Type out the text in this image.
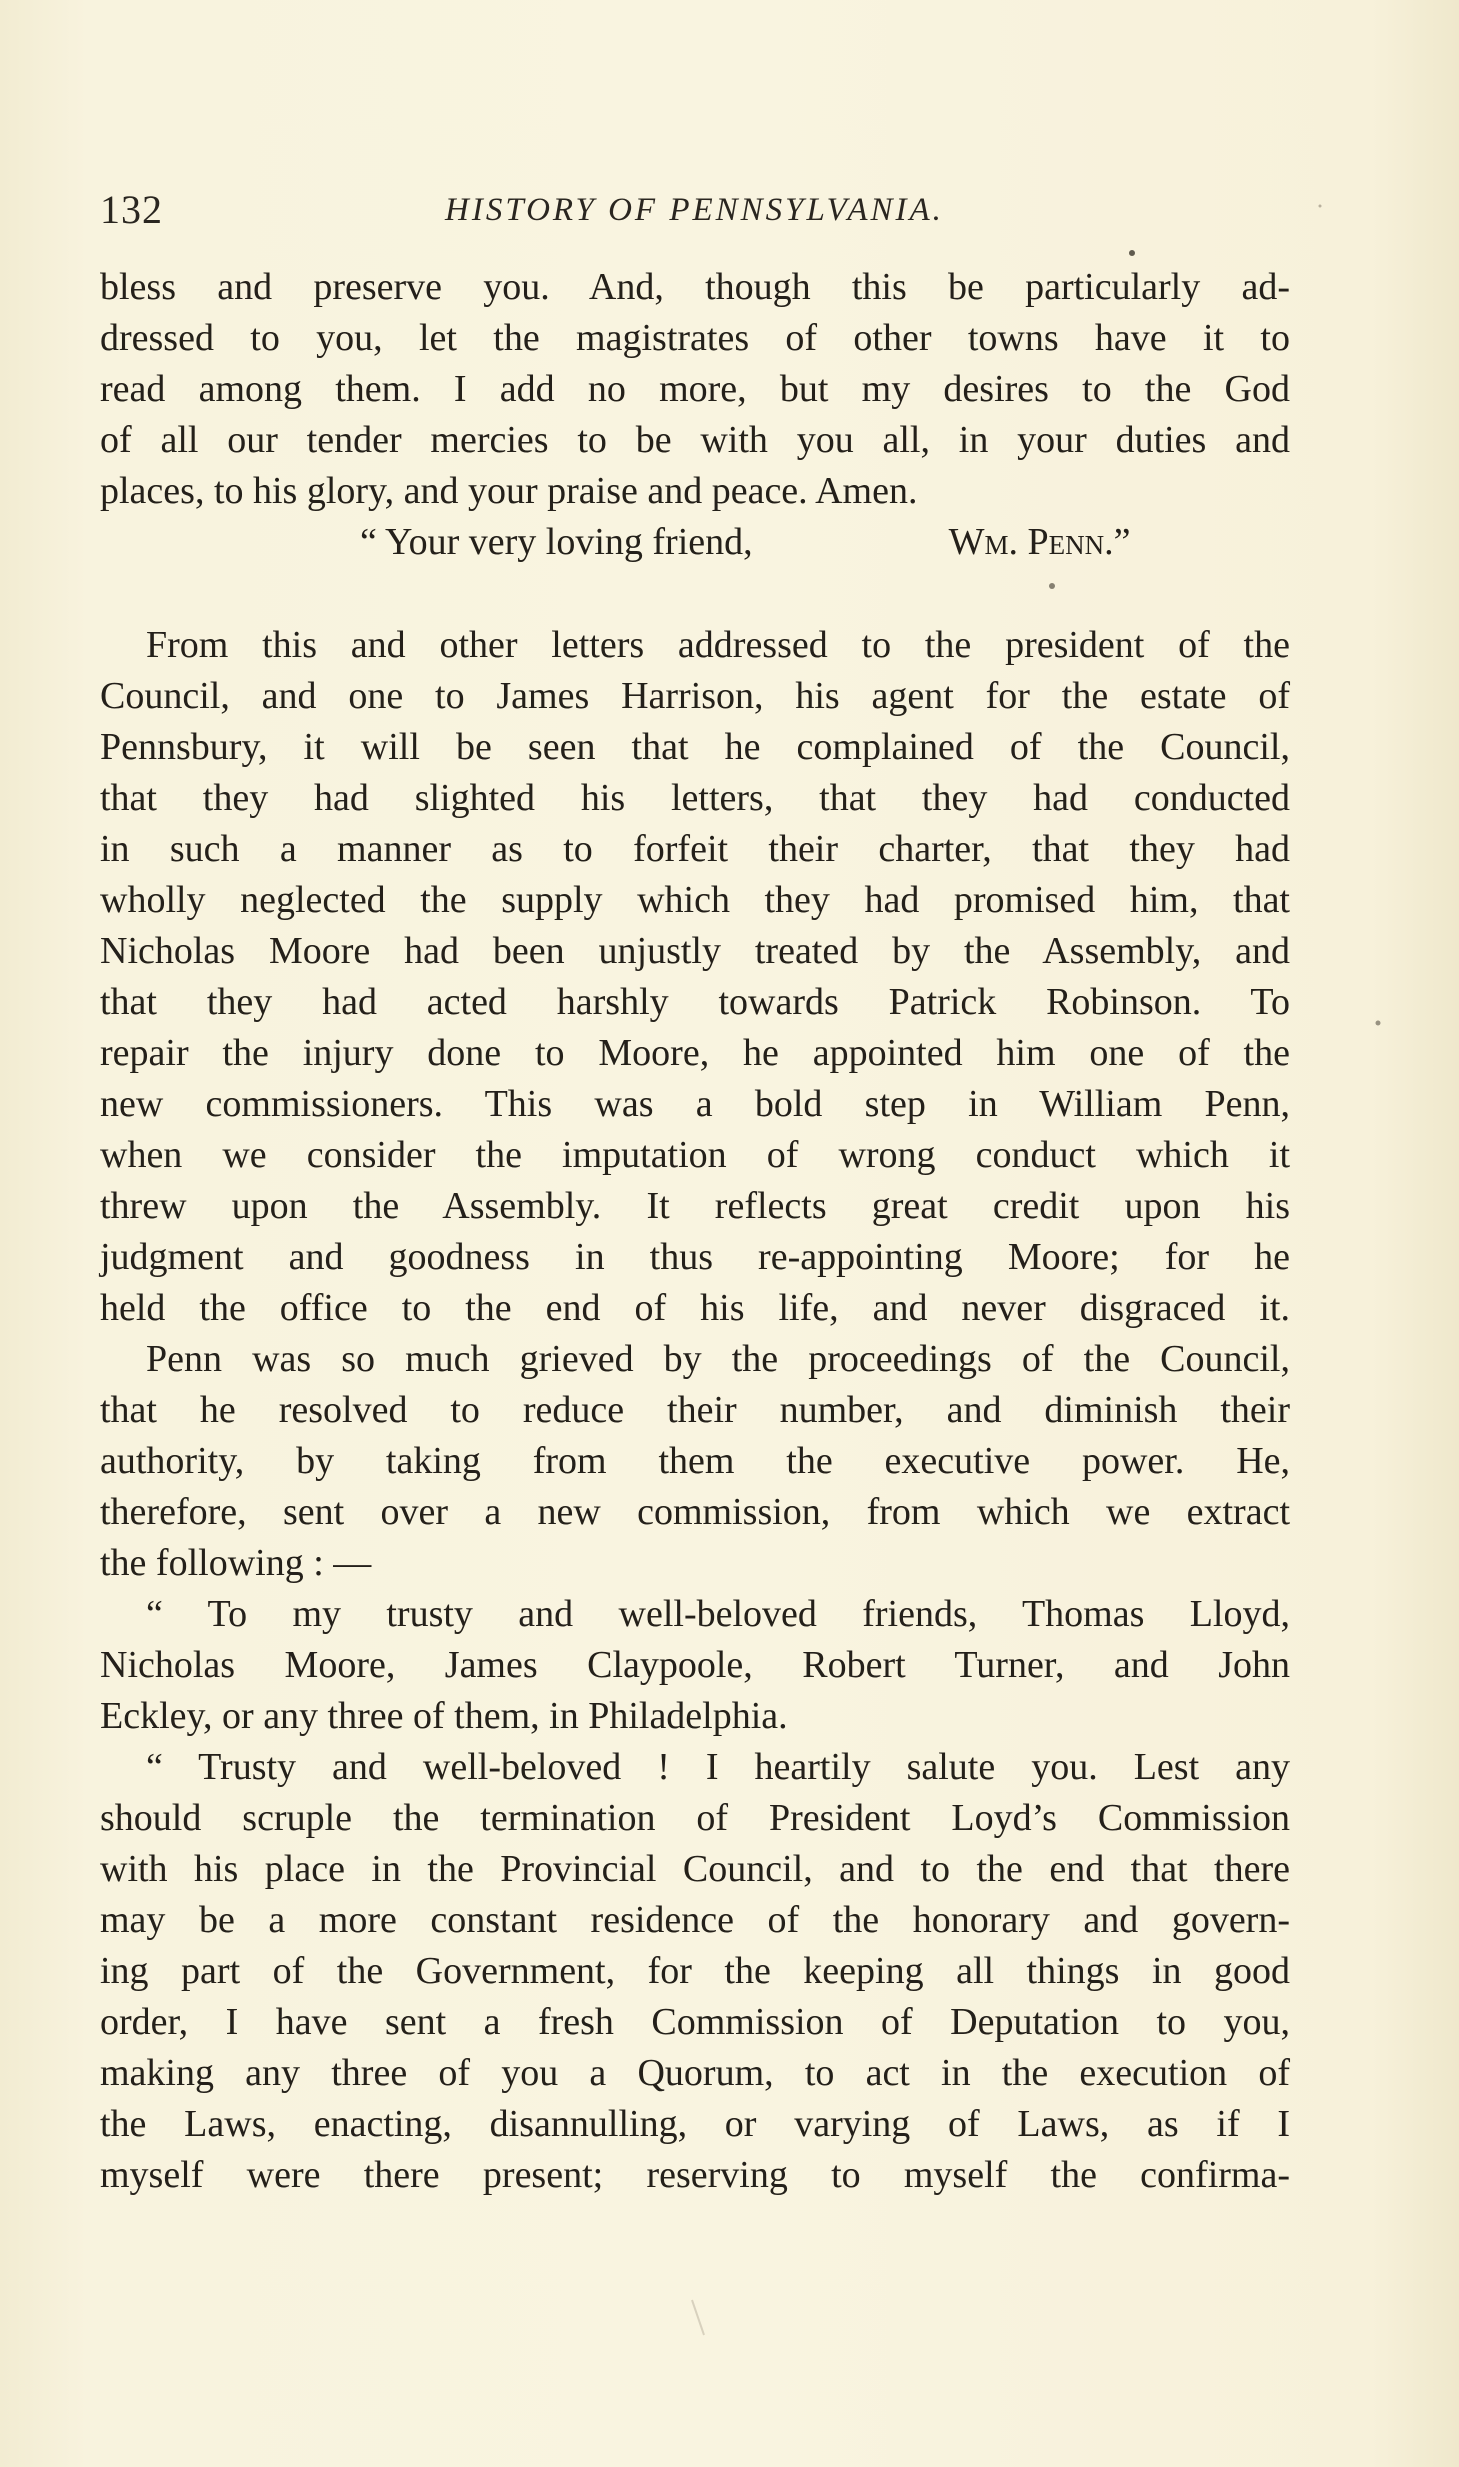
132	HISTORY OF PENNSYLVANIA.
bless and preserve you. And, though this be particularly ad-
dressed to you, let the magistrates of other towns have it to
read among them. I add no more, but my desires to the God
of all our tender mercies to be with you all, in your duties and
places, to his glory, and your praise and peace. Amen.
“ Your very loving friend,	Wm. Penn.”
From this and other letters addressed to the president of the
Council, and one to James Harrison, his agent for the estate of
Pennsbury, it will be seen that he complained of the Council,
that they had slighted his letters, that they had conducted
in such a manner as to forfeit their charter, that they had
wholly neglected the supply which they had promised him, that
Nicholas Moore had been unjustly treated by the Assembly, and
that they had acted harshly towards Patrick Robinson. To
repair the injury done to Moore, he appointed him one of the
new commissioners. This was a bold step in William Penn,
when we consider the imputation of wrong conduct which it
threw upon the Assembly. It reflects great credit upon his
judgment and goodness in thus re-appointing Moore; for he
held the office to the end of his life, and never disgraced it.
Penn was so much grieved by the proceedings of the Council,
that he resolved to reduce their number, and diminish their
authority, by taking from them the executive power. He,
therefore, sent over a new commission, from which we extract
the following : —
“ To my trusty and well-beloved friends, Thomas Lloyd,
Nicholas Moore, James Claypoole, Robert Turner, and John
Eckley, or any three of them, in Philadelphia.
“ Trusty and well-beloved ! I heartily salute you. Lest any
should scruple the termination of President Loyd’s Commission
with his place in the Provincial Council, and to the end that there
may be a more constant residence of the honorary and govern-
ing part of the Government, for the keeping all things in good
order, I have sent a fresh Commission of Deputation to you,
making any three of you a Quorum, to act in the execution of
the Laws, enacting, disannulling, or varying of Laws, as if I
myself were there present; reserving to myself the confirma-
